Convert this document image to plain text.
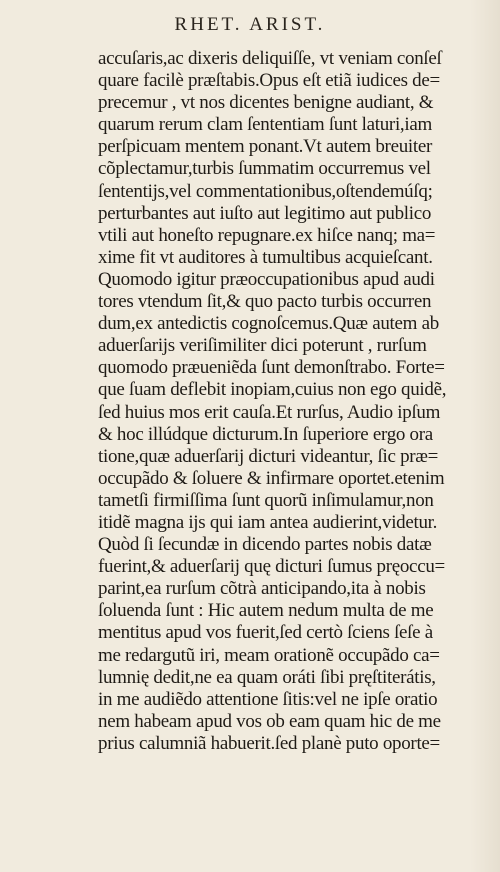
RHET. ARIST.
accuſaris,ac dixeris deliquiſſe, vt veniam conſeſ
quare facilè præſtabis.Opus eſt etiã iudices de=
precemur , vt nos dicentes benigne audiant, &
quarum rerum clam ſententiam ſunt laturi,iam
perſpicuam mentem ponant.Vt autem breuiter
cõplectamur,turbis ſummatim occurremus vel
ſententijs,vel commentationibus,oſtendemúſq;
perturbantes aut iuſto aut legitimo aut publico
vtili aut honeſto repugnare.ex hiſce nanq; ma=
xime fit vt auditores à tumultibus acquieſcant.
Quomodo igitur præoccupationibus apud audi
tores vtendum ſit,& quo pacto turbis occurren
dum,ex antedictis cognoſcemus.Quæ autem ab
aduerſarijs veriſimiliter dici poterunt , rurſum
quomodo præueniẽda ſunt demonſtrabo. Forte=
que ſuam deflebit inopiam,cuius non ego quidẽ,
ſed huius mos erit cauſa.Et rurſus, Audio ipſum
& hoc illúdque dicturum.In ſuperiore ergo ora
tione,quæ aduerſarij dicturi videantur, ſic præ=
occupãdo & ſoluere & infirmare oportet.etenim
tametſi firmiſſima ſunt quorũ inſimulamur,non
itidẽ magna ijs qui iam antea audierint,videtur.
Quòd ſi ſecundæ in dicendo partes nobis datæ
fuerint,& aduerſarij quę dicturi ſumus pręoccu=
parint,ea rurſum cõtrà anticipando,ita à nobis
ſoluenda ſunt : Hic autem nedum multa de me
mentitus apud vos fuerit,ſed certò ſciens ſeſe à
me redargutũ iri, meam orationẽ occupãdo ca=
lumnię dedit,ne ea quam oráti ſibi pręſtiterátis,
in me audiẽdo attentione ſitis:vel ne ipſe oratio
nem habeam apud vos ob eam quam hic de me
prius calumniã habuerit.ſed planè puto oporte=
